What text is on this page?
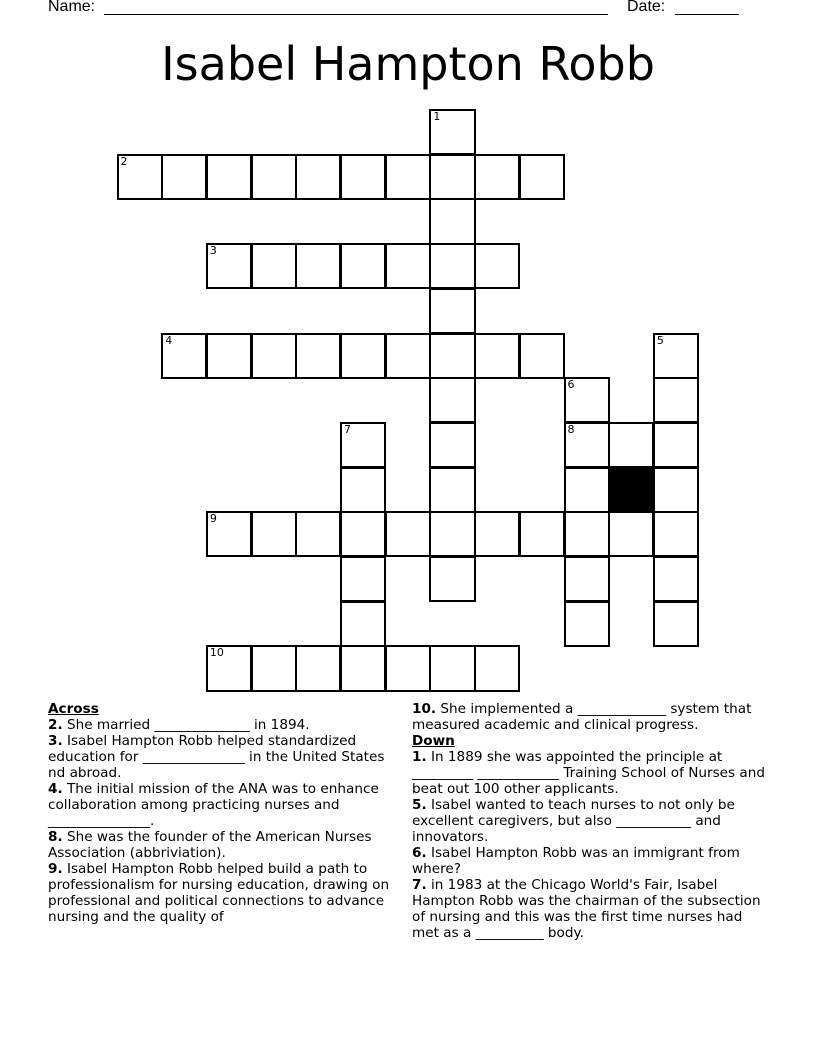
Name:	Date:
Isabel Hampton Robb
2
3
4
9
10
1
5
6
8
7
Across
2. She married ______________ in 1894.
3. Isabel Hampton Robb helped standardized education for _______________ in the United States nd abroad.
4. The initial mission of the ANA was to enhance collaboration among practicing nurses and _______________.
8. She was the founder of the American Nurses Association (abbriviation).
9. Isabel Hampton Robb helped build a path to professionalism for nursing education, drawing on professional and political connections to advance nursing and the quality of
10. She implemented a _____________ system that measured academic and clinical progress.
Down
1. In 1889 she was appointed the principle at _________ ____________ Training School of Nurses and beat out 100 other applicants.
5. Isabel wanted to teach nurses to not only be excellent caregivers, but also ___________ and innovators.
6. Isabel Hampton Robb was an immigrant from where?
7. in 1983 at the Chicago World's Fair, Isabel Hampton Robb was the chairman of the subsection of nursing and this was the first time nurses had met as a __________ body.
